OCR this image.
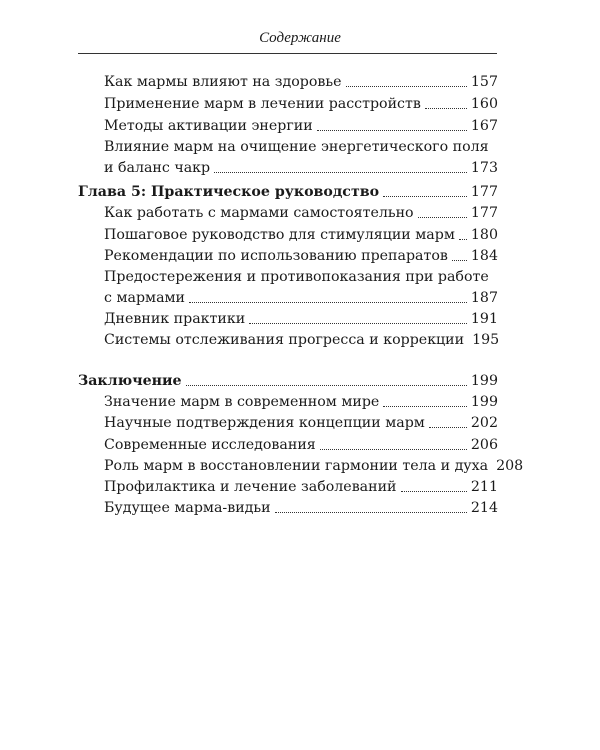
Содержание
Как мармы влияют на здоровье	157
Применение марм в лечении расстройств	160
Методы активации энергии	167
Влияние марм на очищение энергетического поля
и баланс чакр	173
Глава 5: Практическое руководство	177
Как работать с мармами самостоятельно	177
Пошаговое руководство для стимуляции марм 180
Рекомендации по использованию препаратов 184
Предостережения и противопоказания при работе
с мармами	187
Дневник практики	191
Системы отслеживания прогресса и коррекции 195
Заключение	199
Значение марм в современном мире	199
Научные подтверждения концепции марм	202
Современные исследования	206
Роль марм в восстановлении гармонии тела и духа 208
Профилактика и лечение заболеваний	211
Будущее марма-видьи	214
